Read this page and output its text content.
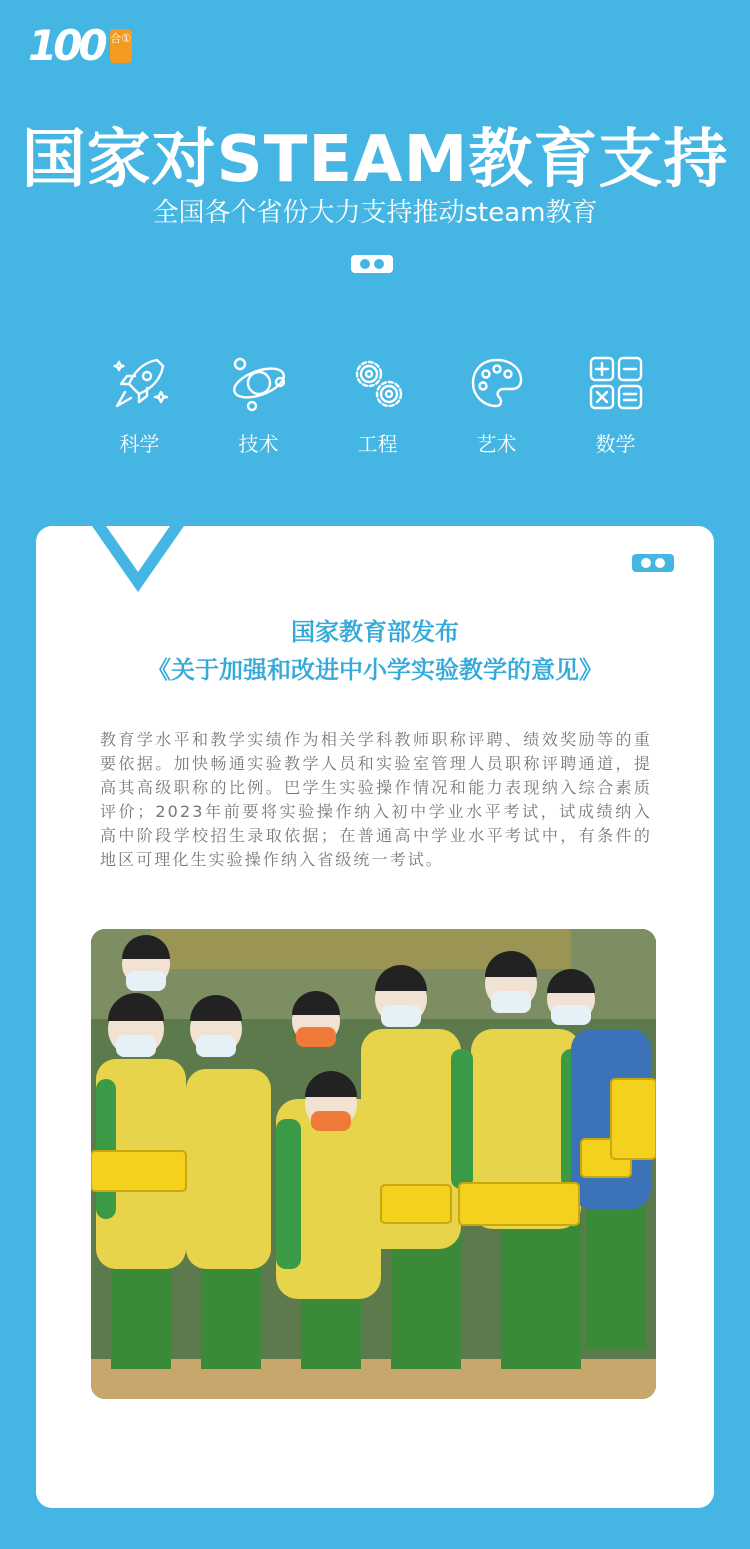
100 合①
国家对STEAM教育支持
全国各个省份大力支持推动steam教育
科学	技术	工程	艺术	数学
国家教育部发布
《关于加强和改进中小学实验教学的意见》

教育学水平和教学实绩作为相关学科教师职称评聘、绩效奖励等的重要依据。加快畅通实验教学人员和实验室管理人员职称评聘通道，提高其高级职称的比例。巴学生实验操作情况和能力表现纳入综合素质评价；2023年前要将实验操作纳入初中学业水平考试，试成绩纳入高中阶段学校招生录取依据；在普通高中学业水平考试中，有条件的地区可理化生实验操作纳入省级统一考试。
